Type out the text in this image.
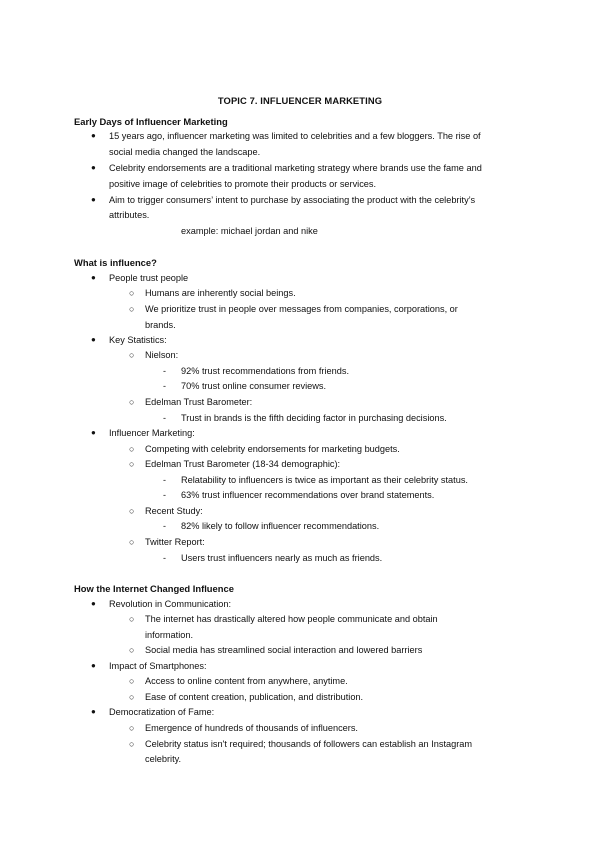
TOPIC 7. INFLUENCER MARKETING
Early Days of Influencer Marketing
● 15 years ago, influencer marketing was limited to celebrities and a few bloggers. The rise of
social media changed the landscape.
● Celebrity endorsements are a traditional marketing strategy where brands use the fame and
positive image of celebrities to promote their products or services.
● Aim to trigger consumers’ intent to purchase by associating the product with the celebrity’s
attributes.
example: michael jordan and nike
What is influence?
● People trust people
○ Humans are inherently social beings.
○ We prioritize trust in people over messages from companies, corporations, or
brands.
● Key Statistics:
○ Nielson:
- 92% trust recommendations from friends.
- 70% trust online consumer reviews.
○ Edelman Trust Barometer:
- Trust in brands is the fifth deciding factor in purchasing decisions.
● Influencer Marketing:
○ Competing with celebrity endorsements for marketing budgets.
○ Edelman Trust Barometer (18-34 demographic):
- Relatability to influencers is twice as important as their celebrity status.
- 63% trust influencer recommendations over brand statements.
○ Recent Study:
- 82% likely to follow influencer recommendations.
○ Twitter Report:
- Users trust influencers nearly as much as friends.
How the Internet Changed Influence
● Revolution in Communication:
○ The internet has drastically altered how people communicate and obtain
information.
○ Social media has streamlined social interaction and lowered barriers
● Impact of Smartphones:
○ Access to online content from anywhere, anytime.
○ Ease of content creation, publication, and distribution.
● Democratization of Fame:
○ Emergence of hundreds of thousands of influencers.
○ Celebrity status isn't required; thousands of followers can establish an Instagram
celebrity.
